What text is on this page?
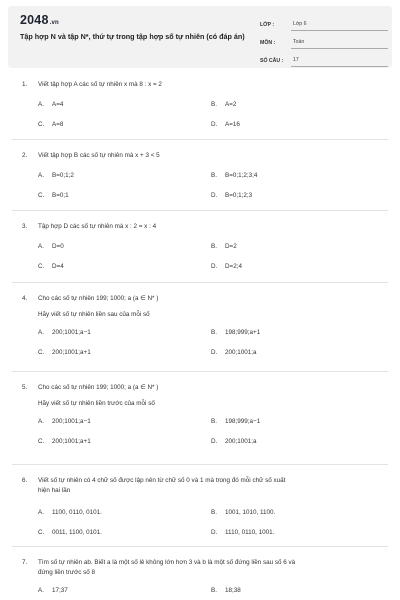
2048.vn
Tập hợp N và tập N*, thứ tự trong tập hợp số tự nhiên (có đáp án)
LỚP :	Lớp 6
MÔN :	Toán
SỐ CÂU :	17
1. Viết tập hợp A các số tự nhiên x mà 8 : x = 2
A. A=4	B. A=2
C. A=8	D. A=16
2. Viết tập hợp B các số tự nhiên mà x + 3 < 5
A. B=0;1;2	B. B=0;1;2;3;4
C. B=0;1	D. B=0;1;2;3
3. Tập hợp D các số tự nhiên mà x : 2 = x : 4
A. D=0	B. D=2
C. D=4	D. D=2;4
4. Cho các số tự nhiên 199; 1000; a (a ∈ N* )
Hãy viết số tự nhiên liền sau của mỗi số
A. 200;1001;a−1	B. 198;999;a+1
C. 200;1001;a+1	D. 200;1001;a
5. Cho các số tự nhiên 199; 1000; a (a ∈ N* )
Hãy viết số tự nhiên liền trước của mỗi số
A. 200;1001;a−1	B. 198;999;a−1
C. 200;1001;a+1	D. 200;1001;a
6. Viết số tự nhiên có 4 chữ số được lập nên từ chữ số 0 và 1 mà trong đó mỗi chữ số xuất
hiện hai lần
A. 1100, 0110, 0101.	B. 1001, 1010, 1100.
C. 0011, 1100, 0101.	D. 1110, 0110, 1001.
7. Tìm số tự nhiên ab. Biết a là một số lẻ không lớn hơn 3 và b là một số đứng liền sau số 6 và
đứng liền trước số 8
A. 17;37	B. 18;38
